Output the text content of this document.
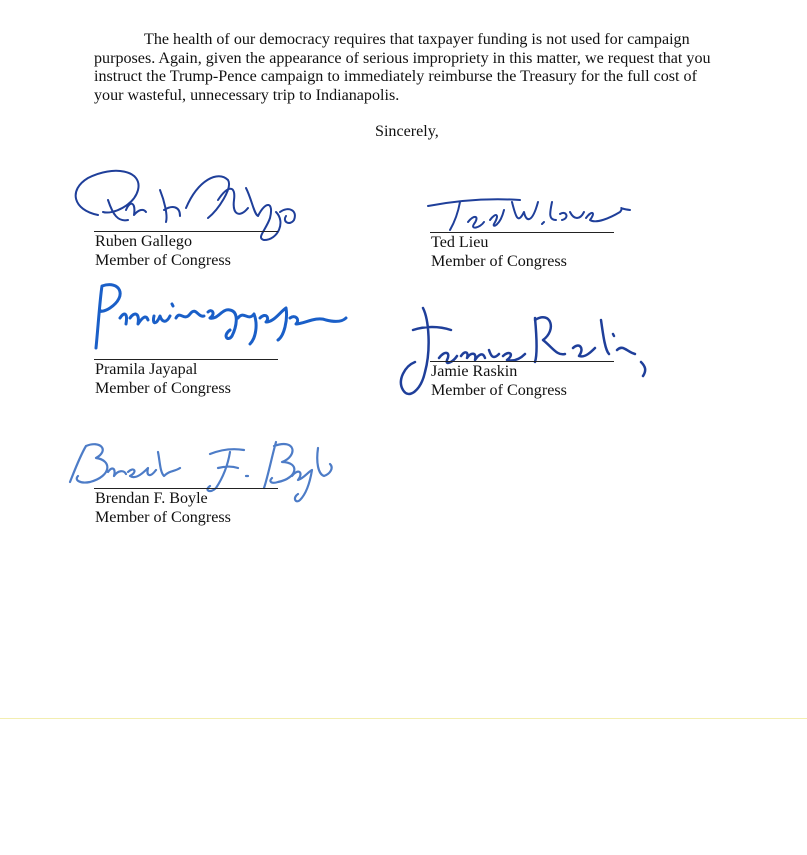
The health of our democracy requires that taxpayer funding is not used for campaign purposes. Again, given the appearance of serious impropriety in this matter, we request that you instruct the Trump-Pence campaign to immediately reimburse the Treasury for the full cost of your wasteful, unnecessary trip to Indianapolis.

Sincerely,

Ruben Gallego
Member of Congress
Ted Lieu
Member of Congress
Pramila Jayapal
Member of Congress
Jamie Raskin
Member of Congress
Brendan F. Boyle
Member of Congress
